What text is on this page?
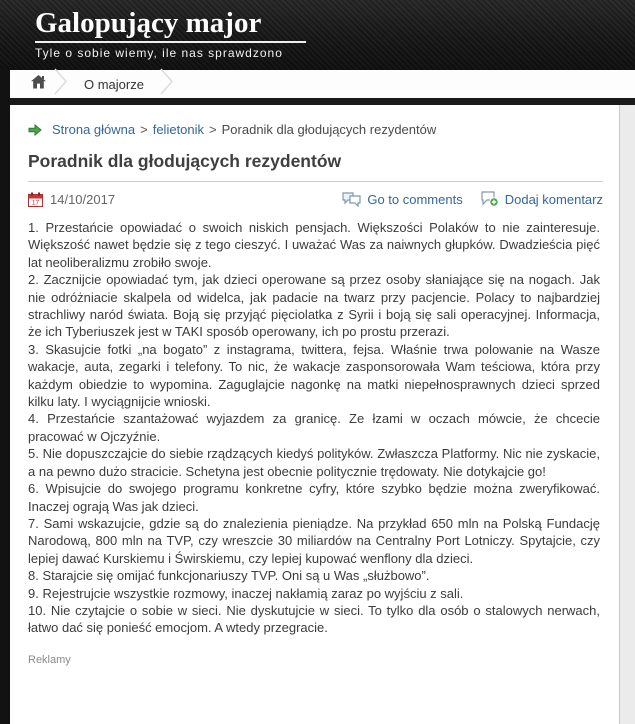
Galopujący major
Tyle o sobie wiemy, ile nas sprawdzono
O majorze
Strona główna > felietonik > Poradnik dla głodujących rezydentów
Poradnik dla głodujących rezydentów
17 14/10/2017	Go to comments	Dodaj komentarz

1. Przestańcie opowiadać o swoich niskich pensjach. Większości Polaków to nie zainteresuje. Większość nawet będzie się z tego cieszyć. I uważać Was za naiwnych głupków. Dwadzieścia pięć lat neoliberalizmu zrobiło swoje.

2. Zacznijcie opowiadać tym, jak dzieci operowane są przez osoby słaniające się na nogach. Jak nie odróżniacie skalpela od widelca, jak padacie na twarz przy pacjencie. Polacy to najbardziej strachliwy naród świata. Boją się przyjąć pięciolatka z Syrii i boją się sali operacyjnej. Informacja, że ich Tyberiuszek jest w TAKI sposób operowany, ich po prostu przerazi.

3. Skasujcie fotki „na bogato” z instagrama, twittera, fejsa. Właśnie trwa polowanie na Wasze wakacje, auta, zegarki i telefony. To nic, że wakacje zasponsorowała Wam teściowa, która przy każdym obiedzie to wypomina. Zaguglajcie nagonkę na matki niepełnosprawnych dzieci sprzed kilku laty. I wyciągnijcie wnioski.

4. Przestańcie szantażować wyjazdem za granicę. Ze łzami w oczach mówcie, że chcecie pracować w Ojczyźnie.

5. Nie dopuszczajcie do siebie rządzących kiedyś polityków. Zwłaszcza Platformy. Nic nie zyskacie, a na pewno dużo stracicie. Schetyna jest obecnie politycznie trędowaty. Nie dotykajcie go!

6. Wpisujcie do swojego programu konkretne cyfry, które szybko będzie można zweryfikować. Inaczej ograją Was jak dzieci.

7. Sami wskazujcie, gdzie są do znalezienia pieniądze. Na przykład 650 mln na Polską Fundację Narodową, 800 mln na TVP, czy wreszcie 30 miliardów na Centralny Port Lotniczy. Spytajcie, czy lepiej dawać Kurskiemu i Świrskiemu, czy lepiej kupować wenflony dla dzieci.

8. Starajcie się omijać funkcjonariuszy TVP. Oni są u Was „służbowo”.

9. Rejestrujcie wszystkie rozmowy, inaczej nakłamią zaraz po wyjściu z sali.

10. Nie czytajcie o sobie w sieci. Nie dyskutujcie w sieci. To tylko dla osób o stalowych nerwach, łatwo dać się ponieść emocjom. A wtedy przegracie.

Reklamy
